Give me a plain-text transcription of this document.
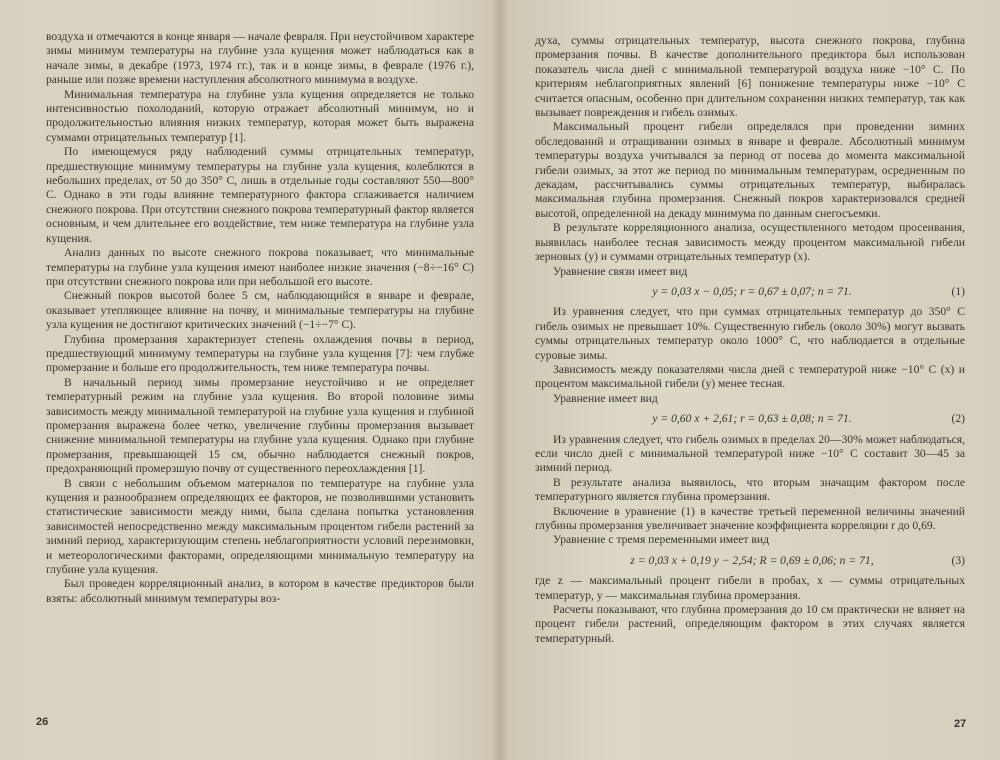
воздуха и отмечаются в конце января — начале февраля. При неустойчивом характере зимы минимум температуры на глубине узла кущения может наблюдаться как в начале зимы, в декабре (1973, 1974 гг.), так и в конце зимы, в феврале (1976 г.), раньше или позже времени наступления абсолютного минимума в воздухе.

Минимальная температура на глубине узла кущения определяется не только интенсивностью похолоданий, которую отражает абсолютный минимум, но и продолжительностью влияния низких температур, которая может быть выражена суммами отрицательных температур [1].

По имеющемуся ряду наблюдений суммы отрицательных температур, предшествующие минимуму температуры на глубине узла кущения, колеблются в небольших пределах, от 50 до 350° C, лишь в отдельные годы составляют 550—800° C. Однако в эти годы влияние температурного фактора сглаживается наличием снежного покрова. При отсутствии снежного покрова температурный фактор является основным, и чем длительнее его воздействие, тем ниже температура на глубине узла кущения.

Анализ данных по высоте снежного покрова показывает, что минимальные температуры на глубине узла кущения имеют наиболее низкие значения (−8÷−16° C) при отсутствии снежного покрова или при небольшой его высоте.

Снежный покров высотой более 5 см, наблюдающийся в январе и феврале, оказывает утепляющее влияние на почву, и минимальные температуры на глубине узла кущения не достигают критических значений (−1÷−7° C).

Глубина промерзания характеризует степень охлаждения почвы в период, предшествующий минимуму температуры на глубине узла кущения [7]: чем глубже промерзание и больше его продолжительность, тем ниже температура почвы.

В начальный период зимы промерзание неустойчиво и не определяет температурный режим на глубине узла кущения. Во второй половине зимы зависимость между минимальной температурой на глубине узла кущения и глубиной промерзания выражена более четко, увеличение глубины промерзания вызывает снижение минимальной температуры на глубине узла кущения. Однако при глубине промерзания, превышающей 15 см, обычно наблюдается снежный покров, предохраняющий промерзшую почву от существенного переохлаждения [1].

В связи с небольшим объемом материалов по температуре на глубине узла кущения и разнообразием определяющих ее факторов, не позволившими установить статистические зависимости между ними, была сделана попытка установления зависимостей непосредственно между максимальным процентом гибели растений за зимний период, характеризующим степень неблагоприятности условий перезимовки, и метеорологическими факторами, определяющими минимальную температуру на глубине узла кущения.

Был проведен корреляционный анализ, в котором в качестве предикторов были взяты: абсолютный минимум температуры воз-

26

духа, суммы отрицательных температур, высота снежного покрова, глубина промерзания почвы. В качестве дополнительного предиктора был использован показатель числа дней с минимальной температурой воздуха ниже −10° C. По критериям неблагоприятных явлений [6] понижение температуры ниже −10° C считается опасным, особенно при длительном сохранении низких температур, так как вызывает повреждения и гибель озимых.

Максимальный процент гибели определялся при проведении зимних обследований и отращивании озимых в январе и феврале. Абсолютный минимум температуры воздуха учитывался за период от посева до момента максимальной гибели озимых, за этот же период по минимальным температурам, осредненным по декадам, рассчитывались суммы отрицательных температур, выбиралась максимальная глубина промерзания. Снежный покров характеризовался средней высотой, определенной на декаду минимума по данным снегосъемки.

В результате корреляционного анализа, осуществленного методом просеивания, выявилась наиболее тесная зависимость между процентом максимальной гибели зерновых (y) и суммами отрицательных температур (x).

Уравнение связи имеет вид

y = 0,03 x − 0,05; r = 0,67 ± 0,07; n = 71.	(1)

Из уравнения следует, что при суммах отрицательных температур до 350° C гибель озимых не превышает 10%. Существенную гибель (около 30%) могут вызвать суммы отрицательных температур около 1000° C, что наблюдается в отдельные суровые зимы.

Зависимость между показателями числа дней с температурой ниже −10° C (x) и процентом максимальной гибели (y) менее тесная.

Уравнение имеет вид

y = 0,60 x + 2,61; r = 0,63 ± 0,08; n = 71.	(2)

Из уравнения следует, что гибель озимых в пределах 20—30% может наблюдаться, если число дней с минимальной температурой ниже −10° C составит 30—45 за зимний период.

В результате анализа выявилось, что вторым значащим фактором после температурного является глубина промерзания.

Включение в уравнение (1) в качестве третьей переменной величины значений глубины промерзания увеличивает значение коэффициента корреляции r до 0,69.

Уравнение с тремя переменными имеет вид

z = 0,03 x + 0,19 y − 2,54; R = 0,69 ± 0,06; n = 71,	(3)

где z — максимальный процент гибели в пробах, x — суммы отрицательных температур, y — максимальная глубина промерзания.

Расчеты показывают, что глубина промерзания до 10 см практически не влияет на процент гибели растений, определяющим фактором в этих случаях является температурный.

27
